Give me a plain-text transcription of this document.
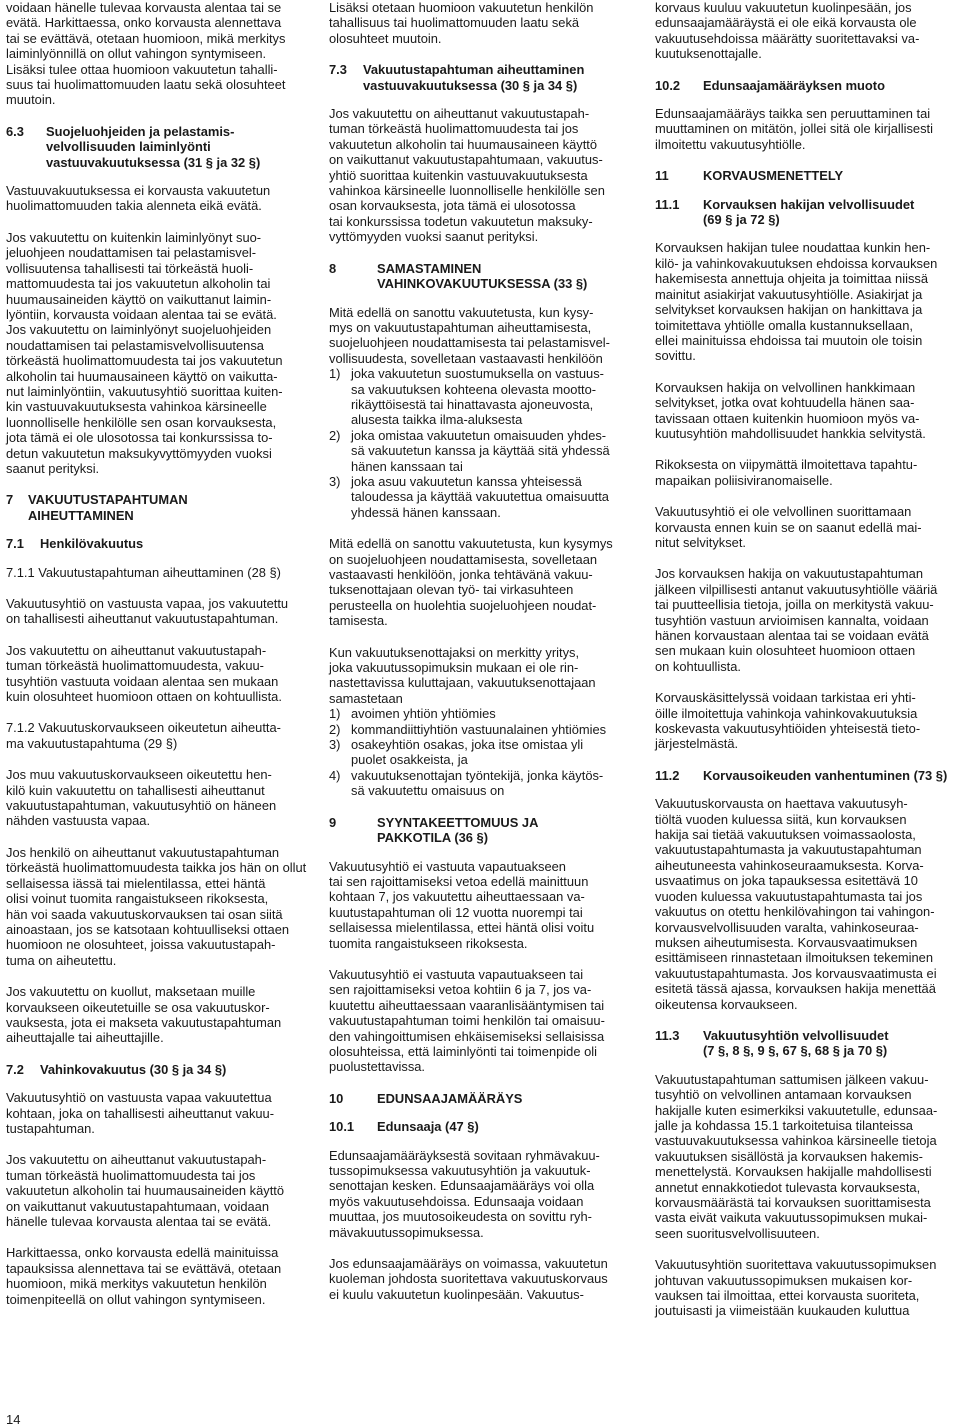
voidaan hänelle tulevaa korvausta alentaa tai se
evätä. Harkittaessa, onko korvausta alennettava
tai se evättävä, otetaan huomioon, mikä merkitys
laiminlyönnillä on ollut vahingon syntymiseen.
Lisäksi tulee ottaa huomioon vakuutetun tahalli-
suus tai huolimattomuuden laatu sekä olosuhteet
muutoin.

6.3	Suojeluohjeiden ja pelastamis-
velvollisuuden laiminlyönti
vastuuvakuutuksessa (31 § ja 32 §)

Vastuuvakuutuksessa ei korvausta vakuutetun
huolimattomuuden takia alenneta eikä evätä.

Jos vakuutettu on kuitenkin laiminlyönyt suo-
jeluohjeen noudattamisen tai pelastamisvel-
vollisuutensa tahallisesti tai törkeästä huoli-
mattomuudesta tai jos vakuutetun alkoholin tai
huumausaineiden käyttö on vaikuttanut laimin-
lyöntiin, korvausta voidaan alentaa tai se evätä.
Jos vakuutettu on laiminlyönyt suojeluohjeiden
noudattamisen tai pelastamisvelvollisuutensa
törkeästä huolimattomuudesta tai jos vakuutetun
alkoholin tai huumausaineen käyttö on vaikutta-
nut laiminlyöntiin, vakuutusyhtiö suorittaa kuiten-
kin vastuuvakuutuksesta vahinkoa kärsineelle
luonnolliselle henkilölle sen osan korvauksesta,
jota tämä ei ole ulosotossa tai konkurssissa to-
detun vakuutetun maksukyvyttömyyden vuoksi
saanut perityksi.

7	VAKUUTUSTAPAHTUMAN
AIHEUTTAMINEN
7.1	Henkilövakuutus

7.1.1 Vakuutustapahtuman aiheuttaminen (28 §)

Vakuutusyhtiö on vastuusta vapaa, jos vakuutettu
on tahallisesti aiheuttanut vakuutustapahtuman.

Jos vakuutettu on aiheuttanut vakuutustapah-
tuman törkeästä huolimattomuudesta, vakuu-
tusyhtiön vastuuta voidaan alentaa sen mukaan
kuin olosuhteet huomioon ottaen on kohtuullista.

7.1.2 Vakuutuskorvaukseen oikeutetun aiheutta-
ma vakuutustapahtuma (29 §)

Jos muu vakuutuskorvaukseen oikeutettu hen-
kilö kuin vakuutettu on tahallisesti aiheuttanut
vakuutustapahtuman, vakuutusyhtiö on häneen
nähden vastuusta vapaa.

Jos henkilö on aiheuttanut vakuutustapahtuman
törkeästä huolimattomuudesta taikka jos hän on ollut
sellaisessa iässä tai mielentilassa, ettei häntä
olisi voinut tuomita rangaistukseen rikoksesta,
hän voi saada vakuutuskorvauksen tai osan siitä
ainoastaan, jos se katsotaan kohtuulliseksi ottaen
huomioon ne olosuhteet, joissa vakuutustapah-
tuma on aiheutettu.

Jos vakuutettu on kuollut, maksetaan muille
korvaukseen oikeutetuille se osa vakuutuskor-
vauksesta, jota ei makseta vakuutustapahtuman
aiheuttajalle tai aiheuttajille.

7.2	Vahinkovakuutus (30 § ja 34 §)

Vakuutusyhtiö on vastuusta vapaa vakuutettua
kohtaan, joka on tahallisesti aiheuttanut vakuu-
tustapahtuman.

Jos vakuutettu on aiheuttanut vakuutustapah-
tuman törkeästä huolimattomuudesta tai jos
vakuutetun alkoholin tai huumausaineiden käyttö
on vaikuttanut vakuutustapahtumaan, voidaan
hänelle tulevaa korvausta alentaa tai se evätä.

Harkittaessa, onko korvausta edellä mainituissa
tapauksissa alennettava tai se evättävä, otetaan
huomioon, mikä merkitys vakuutetun henkilön
toimenpiteellä on ollut vahingon syntymiseen.

Lisäksi otetaan huomioon vakuutetun henkilön
tahallisuus tai huolimattomuuden laatu sekä
olosuhteet muutoin.

7.3	Vakuutustapahtuman aiheuttaminen
vastuuvakuutuksessa (30 § ja 34 §)

Jos vakuutettu on aiheuttanut vakuutustapah-
tuman törkeästä huolimattomuudesta tai jos
vakuutetun alkoholin tai huumausaineen käyttö
on vaikuttanut vakuutustapahtumaan, vakuutus-
yhtiö suorittaa kuitenkin vastuuvakuutuksesta
vahinkoa kärsineelle luonnolliselle henkilölle sen
osan korvauksesta, jota tämä ei ulosotossa
tai konkurssissa todetun vakuutetun maksuky-
vyttömyyden vuoksi saanut perityksi.

8	SAMASTAMINEN
VAHINKOVAKUUTUKSESSA (33 §)

Mitä edellä on sanottu vakuutetusta, kun kysy-
mys on vakuutustapahtuman aiheuttamisesta,
suojeluohjeen noudattamisesta tai pelastamisvel-
vollisuudesta, sovelletaan vastaavasti henkilöön

1) joka vakuutetun suostumuksella on vastuus-
sa vakuutuksen kohteena olevasta mootto-
rikäyttöisestä tai hinattavasta ajoneuvosta,
alusesta taikka ilma-aluksesta
2) joka omistaa vakuutetun omaisuuden yhdes-
sä vakuutetun kanssa ja käyttää sitä yhdessä
hänen kanssaan tai
3) joka asuu vakuutetun kanssa yhteisessä
taloudessa ja käyttää vakuutettua omaisuutta
yhdessä hänen kanssaan.

Mitä edellä on sanottu vakuutetusta, kun kysymys
on suojeluohjeen noudattamisesta, sovelletaan
vastaavasti henkilöön, jonka tehtävänä vakuu-
tuksenottajaan olevan työ- tai virkasuhteen
perusteella on huolehtia suojeluohjeen noudat-
tamisesta.

Kun vakuutuksenottajaksi on merkitty yritys,
joka vakuutussopimuksin mukaan ei ole rin-
nastettavissa kuluttajaan, vakuutuksenottajaan
samastetaan

1) avoimen yhtiön yhtiömies
2) kommandiittiyhtiön vastuunalainen yhtiömies
3) osakeyhtiön osakas, joka itse omistaa yli
puolet osakkeista, ja
4) vakuutuksenottajan työntekijä, jonka käytös-
sä vakuutettu omaisuus on
9	SYYNTAKEETTOMUUS JA
PAKKOTILA (36 §)

Vakuutusyhtiö ei vastuuta vapautuakseen
tai sen rajoittamiseksi vetoa edellä mainittuun
kohtaan 7, jos vakuutettu aiheuttaessaan va-
kuutustapahtuman oli 12 vuotta nuorempi tai
sellaisessa mielentilassa, ettei häntä olisi voitu
tuomita rangaistukseen rikoksesta.

Vakuutusyhtiö ei vastuuta vapautuakseen tai
sen rajoittamiseksi vetoa kohtiin 6 ja 7, jos va-
kuutettu aiheuttaessaan vaaranlisääntymisen tai
vakuutustapahtuman toimi henkilön tai omaisuu-
den vahingoittumisen ehkäisemiseksi sellaisissa
olosuhteissa, että laiminlyönti tai toimenpide oli
puolustettavissa.

10	EDUNSAAJAMÄÄRÄYS
10.1	Edunsaaja (47 §)

Edunsaajamääräyksestä sovitaan ryhmävakuu-
tussopimuksessa vakuutusyhtiön ja vakuutuk-
senottajan kesken. Edunsaajamääräys voi olla
myös vakuutusehdoissa. Edunsaaja voidaan
muuttaa, jos muutosoikeudesta on sovittu ryh-
mävakuutussopimuksessa.

Jos edunsaajamääräys on voimassa, vakuutetun
kuoleman johdosta suoritettava vakuutuskorvaus
ei kuulu vakuutetun kuolinpesään. Vakuutus-

korvaus kuuluu vakuutetun kuolinpesään, jos
edunsaajamääräystä ei ole eikä korvausta ole
vakuutusehdoissa määrätty suoritettavaksi va-
kuutuksenottajalle.

10.2	Edunsaajamääräyksen muoto

Edunsaajamääräys taikka sen peruuttaminen tai
muuttaminen on mitätön, jollei sitä ole kirjallisesti
ilmoitettu vakuutusyhtiölle.

11	KORVAUSMENETTELY
11.1	Korvauksen hakijan velvollisuudet
(69 § ja 72 §)

Korvauksen hakijan tulee noudattaa kunkin hen-
kilö- ja vahinkovakuutuksen ehdoissa korvauksen
hakemisesta annettuja ohjeita ja toimittaa niissä
mainitut asiakirjat vakuutusyhtiölle. Asiakirjat ja
selvitykset korvauksen hakijan on hankittava ja
toimitettava yhtiölle omalla kustannuksellaan,
ellei mainituissa ehdoissa tai muutoin ole toisin
sovittu.

Korvauksen hakija on velvollinen hankkimaan
selvitykset, jotka ovat kohtuudella hänen saa-
tavissaan ottaen kuitenkin huomioon myös va-
kuutusyhtiön mahdollisuudet hankkia selvitystä.

Rikoksesta on viipymättä ilmoitettava tapahtu-
mapaikan poliisiviranomaiselle.

Vakuutusyhtiö ei ole velvollinen suorittamaan
korvausta ennen kuin se on saanut edellä mai-
nitut selvitykset.

Jos korvauksen hakija on vakuutustapahtuman
jälkeen vilpillisesti antanut vakuutusyhtiölle vääriä
tai puutteellisia tietoja, joilla on merkitystä vakuu-
tusyhtiön vastuun arvioimisen kannalta, voidaan
hänen korvaustaan alentaa tai se voidaan evätä
sen mukaan kuin olosuhteet huomioon ottaen
on kohtuullista.

Korvauskäsittelyssä voidaan tarkistaa eri yhti-
öille ilmoitettuja vahinkoja vahinkovakuutuksia
koskevasta vakuutusyhtiöiden yhteisestä tieto-
järjestelmästä.

11.2	Korvausoikeuden vanhentuminen (73 §)

Vakuutuskorvausta on haettava vakuutusyh-
tiöltä vuoden kuluessa siitä, kun korvauksen
hakija sai tietää vakuutuksen voimassaolosta,
vakuutustapahtumasta ja vakuutustapahtuman
aiheutuneesta vahinkoseuraamuksesta. Korva-
usvaatimus on joka tapauksessa esitettävä 10
vuoden kuluessa vakuutustapahtumasta tai jos
vakuutus on otettu henkilövahingon tai vahingon-
korvausvelvollisuuden varalta, vahinkoseuraa-
muksen aiheutumisesta. Korvausvaatimuksen
esittämiseen rinnastetaan ilmoituksen tekeminen
vakuutustapahtumasta. Jos korvausvaatimusta ei
esitetä tässä ajassa, korvauksen hakija menettää
oikeutensa korvaukseen.

11.3	Vakuutusyhtiön velvollisuudet
(7 §, 8 §, 9 §, 67 §, 68 § ja 70 §)

Vakuutustapahtuman sattumisen jälkeen vakuu-
tusyhtiö on velvollinen antamaan korvauksen
hakijalle kuten esimerkiksi vakuutetulle, edunsaa-
jalle ja kohdassa 15.1 tarkoitetuisa tilanteissa
vastuuvakuutuksessa vahinkoa kärsineelle tietoja
vakuutuksen sisällöstä ja korvauksen hakemis-
menettelystä. Korvauksen hakijalle mahdollisesti
annetut ennakkotiedot tulevasta korvauksesta,
korvausmäärästä tai korvauksen suorittamisesta
vasta eivät vaikuta vakuutussopimuksen mukai-
seen suoritusvelvollisuuteen.

Vakuutusyhtiön suoritettava vakuutussopimuksen
johtuvan vakuutussopimuksen mukaisen kor-
vauksen tai ilmoittaa, ettei korvausta suoriteta,
joutuisasti ja viimeistään kuukauden kuluttua

14
